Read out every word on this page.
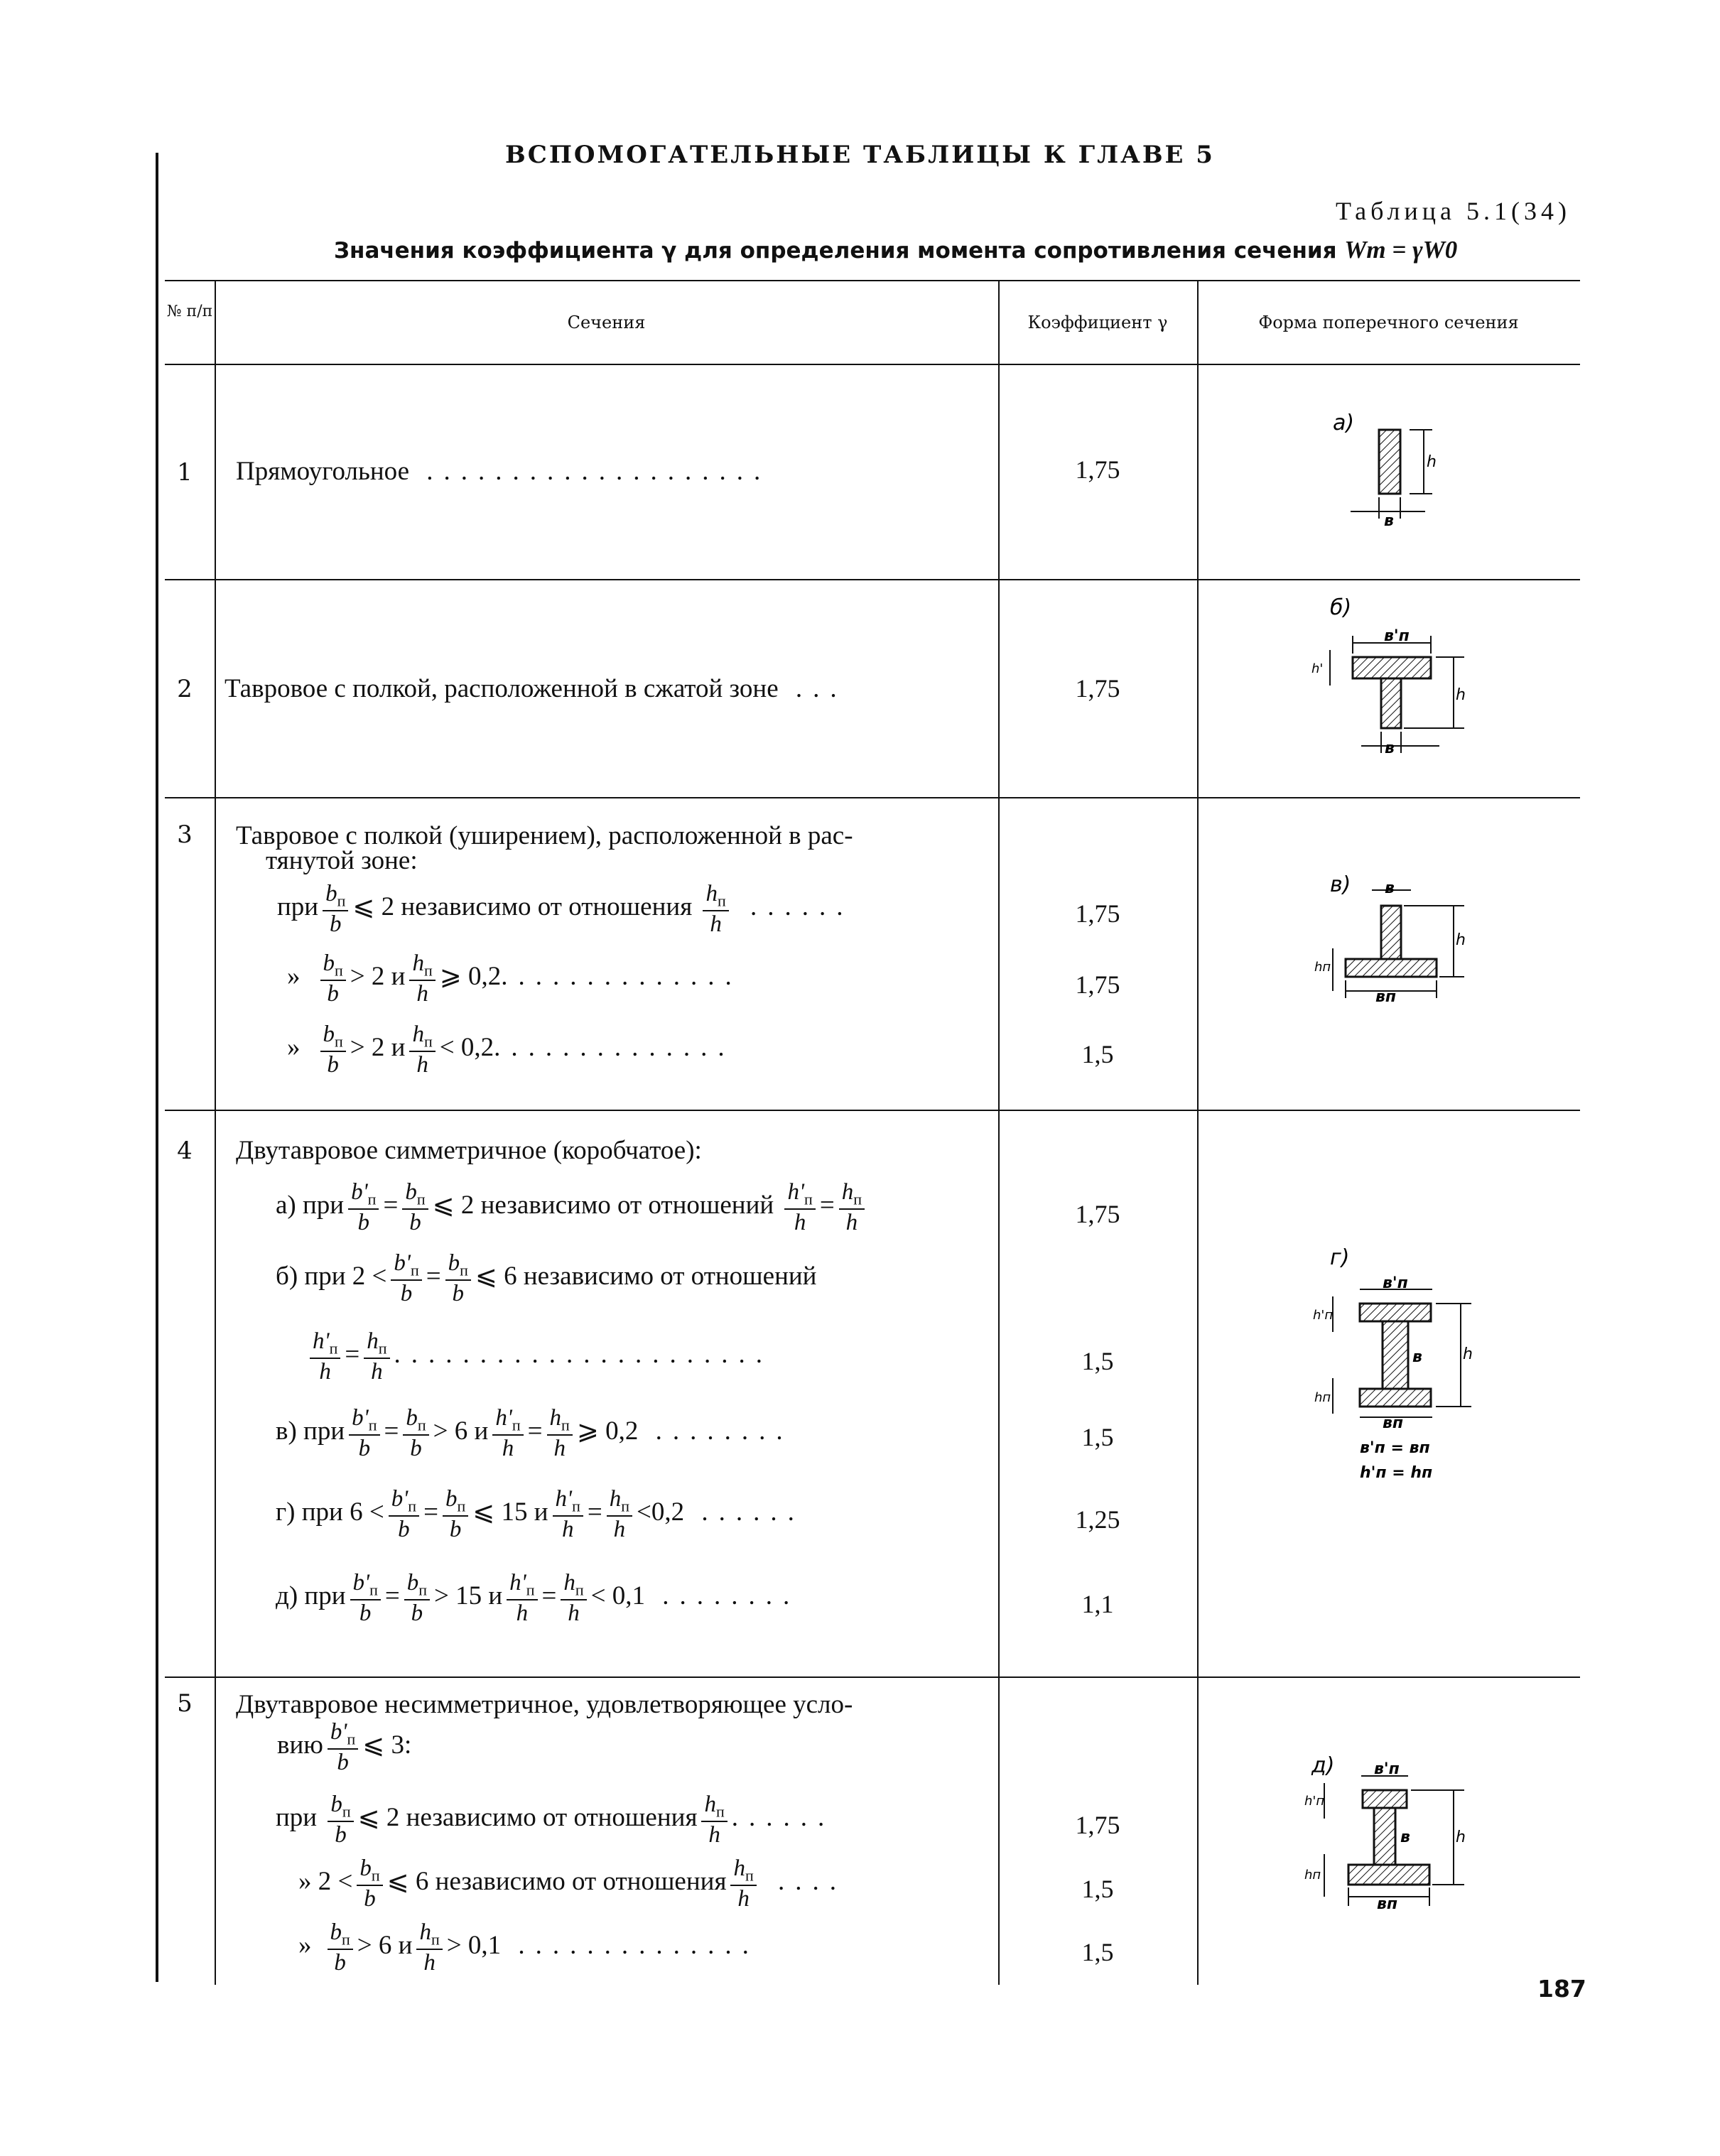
ВСПОМОГАТЕЛЬНЫЕ ТАБЛИЦЫ К ГЛАВЕ 5
Таблица 5.1(34)
Значения коэффициента γ для определения момента сопротивления сечения Wт = γW0
№ п/п
Сечения	Коэффициент γ	Форма поперечного сечения
1	Прямоугольное ....................	1,75
2	Тавровое с полкой, расположенной в сжатой зоне ...	1,75
3	Тавровое с полкой (уширением), расположенной в рас-
тянутой зоне:
при $\frac{b_п}{b}$ ⩽ 2 независимо от отношения $\frac{h_п}{h}$ ......	1,75
» $\frac{b_п}{b} > 2$ и $\frac{h_п}{h}$ ⩾ 0,2..............	1,75
» $\frac{b_п}{b} > 2$ и $\frac{h_п}{h} < 0,2$..............	1,5
4	Двутавровое симметричное (коробчатое):
а) при $\frac{b'_п}{b} = \frac{b_п}{b}$ ⩽ 2 независимо от отношений $\frac{h'_п}{h} = \frac{h_п}{h}$	1,75
б) при $2 < \frac{b'_п}{b} = \frac{b_п}{b}$ ⩽ 6 независимо от отношений
$\frac{h'_п}{h} = \frac{h_п}{h}$ ......................	1,5
в) при $\frac{b'_п}{b} = \frac{b_п}{b} > 6$ и $\frac{h'_п}{h} = \frac{h_п}{h}$ ⩾ 0,2 ........	1,5
г) при $6 < \frac{b'_п}{b} = \frac{b_п}{b}$ ⩽ 15 и $\frac{h'_п}{h} = \frac{h_п}{h} <0,2$ ......	1,25
д) при $\frac{b'_п}{b} = \frac{b_п}{b} > 15$ и $\frac{h'_п}{h} = \frac{h_п}{h} < 0,1$ ........	1,1
5	Двутавровое несимметричное, удовлетворяющее усло-
вию $\frac{b'_п}{b}$ ⩽ 3:
при $\frac{b_п}{b}$ ⩽ 2 независимо от отношения $\frac{h_п}{h}$ ......	1,75
» $2 < \frac{b_п}{b}$ ⩽ 6 независимо от отношения $\frac{h_п}{h}$ ....	1,5
» $\frac{b_п}{b} > 6$ и $\frac{h_п}{h} > 0,1$ ..............	1,5
а)
h
в
б)
в'п
h'
h
в
в) в
h
hп
вп
г)
в'п
h'п
hп
h
в
вп
в'п = вп
h'п = hп
д)	в'п
h'п
hп
h
в
вп
187
